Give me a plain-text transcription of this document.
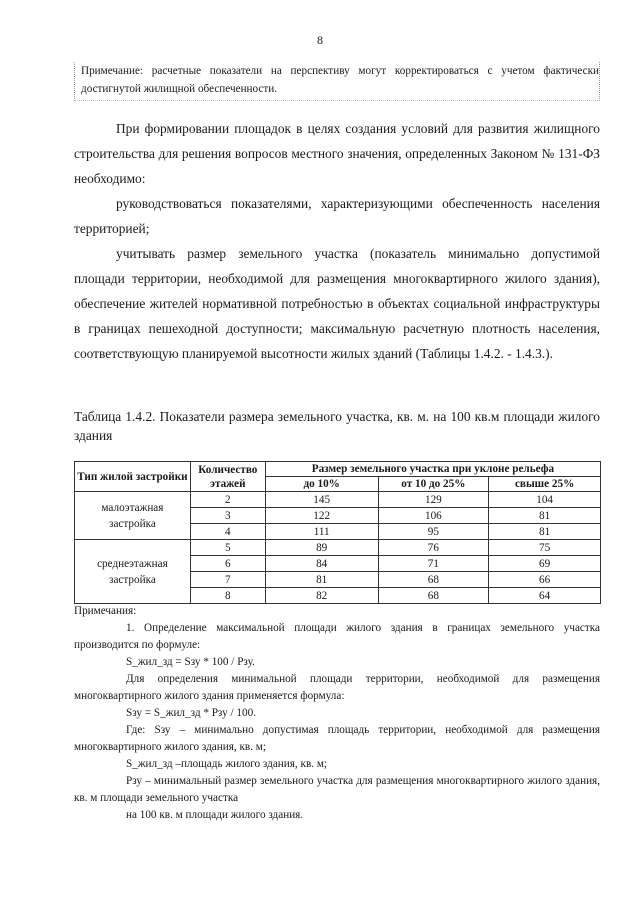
8

Примечание: расчетные показатели на перспективу могут корректироваться с учетом фактически достигнутой жилищной обеспеченности.

При формировании площадок в целях создания условий для развития жилищного строительства для решения вопросов местного значения, определенных Законом № 131-ФЗ необходимо:

руководствоваться показателями, характеризующими обеспеченность населения территорией;

учитывать размер земельного участка (показатель минимально допустимой площади территории, необходимой для размещения многоквартирного жилого здания), обеспечение жителей нормативной потребностью в объектах социальной инфраструктуры в границах пешеходной доступности; максимальную расчетную плотность населения, соответствующую планируемой высотности жилых зданий (Таблицы 1.4.2. - 1.4.3.).

Таблица 1.4.2. Показатели размера земельного участка, кв. м. на 100 кв.м площади жилого здания

Тип жилой застройки	Количество этажей	Размер земельного участка при уклоне рельефа		
		до 10%	от 10 до 25%	свыше 25%
малоэтажная застройка	2	145	129	104
	3	122	106	81
	4	111	95	81
среднеэтажная застройка	5	89	76	75
	6	84	71	69
	7	81	68	66
	8	82	68	64

Примечания:

1. Определение максимальной площади жилого здания в границах земельного участка производится по формуле:

S_жил_зд = Sзу * 100 / Рзу.

Для определения минимальной площади территории, необходимой для размещения многоквартирного жилого здания применяется формула:

Sзу = S_жил_зд * Рзу / 100.

Где: Sзу – минимально допустимая площадь территории, необходимой для размещения многоквартирного жилого здания, кв. м;

S_жил_зд –площадь жилого здания, кв. м;

Рзу – минимальный размер земельного участка для размещения многоквартирного жилого здания, кв. м площади земельного участка

на 100 кв. м площади жилого здания.
